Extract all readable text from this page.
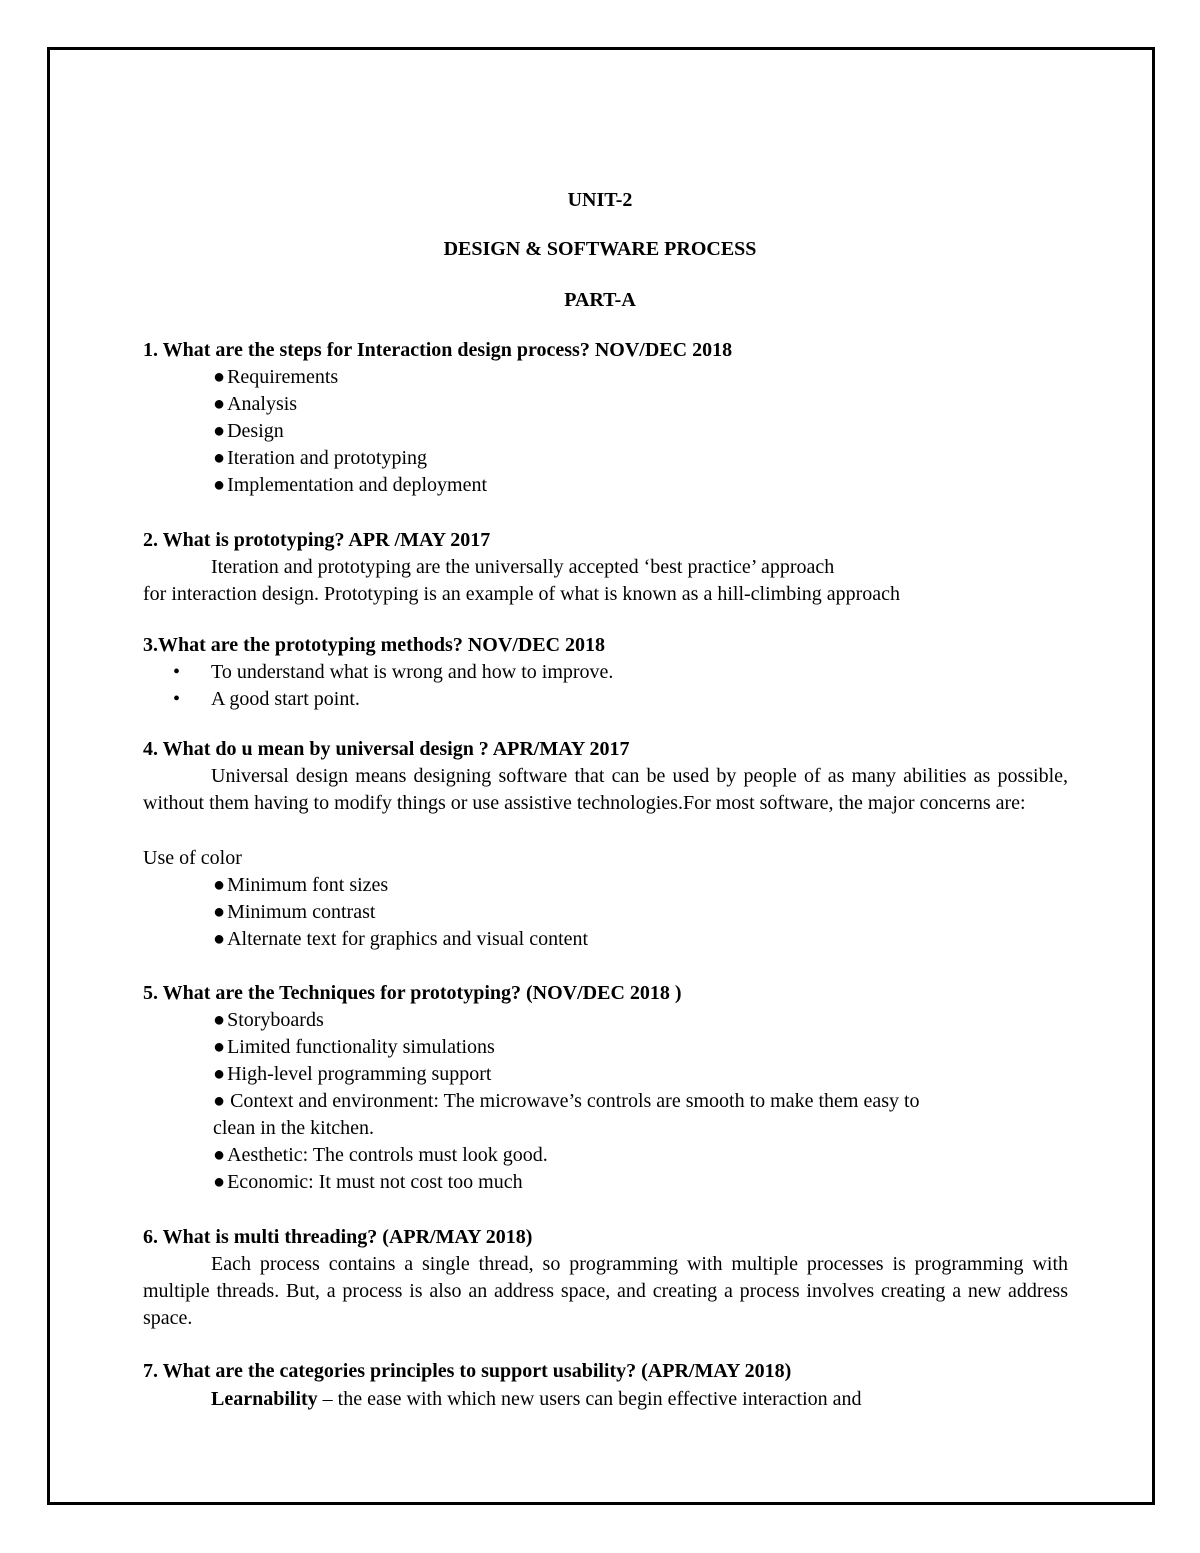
UNIT-2
DESIGN & SOFTWARE PROCESS
PART-A
1. What are the steps for Interaction design process? NOV/DEC 2018
● Requirements
● Analysis
● Design
● Iteration and prototyping
● Implementation and deployment
2. What is prototyping? APR /MAY 2017
Iteration and prototyping are the universally accepted ‘best practice’ approach
for interaction design. Prototyping is an example of what is known as a hill-climbing approach
3.What are the prototyping methods? NOV/DEC 2018
• To understand what is wrong and how to improve.
• A good start point.
4. What do u mean by universal design ? APR/MAY 2017
Universal design means designing software that can be used by people of as many abilities as possible, without them having to modify things or use assistive technologies.For most software, the major concerns are:
Use of color
● Minimum font sizes
● Minimum contrast
● Alternate text for graphics and visual content
5. What are the Techniques for prototyping? (NOV/DEC 2018 )
● Storyboards
● Limited functionality simulations
● High-level programming support
● Context and environment: The microwave’s controls are smooth to make them easy to
clean in the kitchen.
● Aesthetic: The controls must look good.
● Economic: It must not cost too much
6. What is multi threading? (APR/MAY 2018)
Each process contains a single thread, so programming with multiple processes is programming with multiple threads. But, a process is also an address space, and creating a process involves creating a new address space.
7. What are the categories principles to support usability? (APR/MAY 2018)
Learnability – the ease with which new users can begin effective interaction and
